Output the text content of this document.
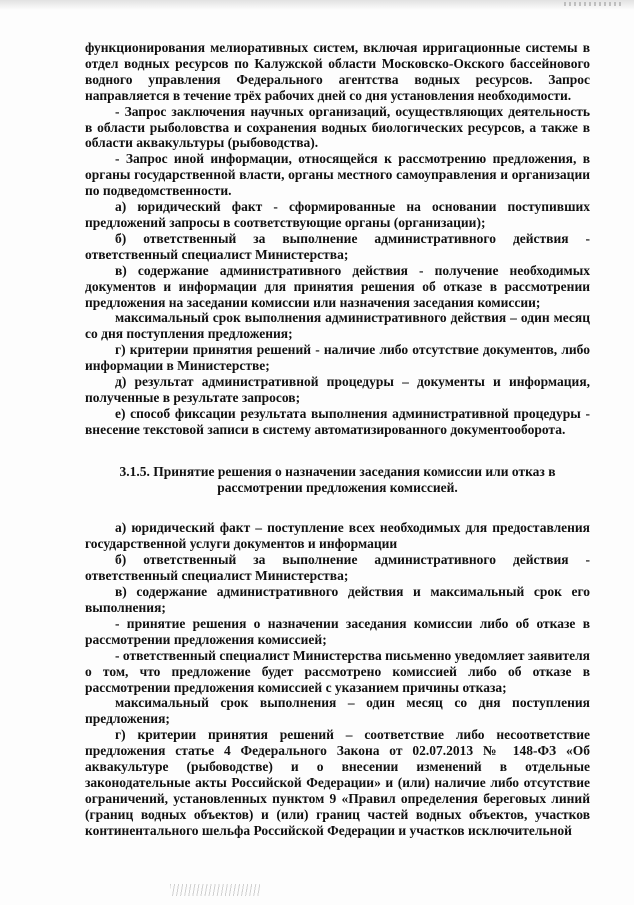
функционирования мелиоративных систем, включая ирригационные системы в отдел водных ресурсов по Калужской области Московско-Окского бассейнового водного управления Федерального агентства водных ресурсов. Запрос направляется в течение трёх рабочих дней со дня установления необходимости.

- Запрос заключения научных организаций, осуществляющих деятельность в области рыболовства и сохранения водных биологических ресурсов, а также в области аквакультуры (рыбоводства).

- Запрос иной информации, относящейся к рассмотрению предложения, в органы государственной власти, органы местного самоуправления и организации по подведомственности.

а) юридический факт - сформированные на основании поступивших предложений запросы в соответствующие органы (организации);

б) ответственный за выполнение административного действия - ответственный специалист Министерства;

в) содержание административного действия - получение необходимых документов и информации для принятия решения об отказе в рассмотрении предложения на заседании комиссии или назначения заседания комиссии;

максимальный срок выполнения административного действия – один месяц со дня поступления предложения;

г) критерии принятия решений - наличие либо отсутствие документов, либо информации в Министерстве;

д) результат административной процедуры – документы и информация, полученные в результате запросов;

е) способ фиксации результата выполнения административной процедуры - внесение текстовой записи в систему автоматизированного документооборота.

3.1.5. Принятие решения о назначении заседания комиссии или отказ в рассмотрении предложения комиссией.

а) юридический факт – поступление всех необходимых для предоставления государственной услуги документов и информации

б) ответственный за выполнение административного действия - ответственный специалист Министерства;

в) содержание административного действия и максимальный срок его выполнения;

- принятие решения о назначении заседания комиссии либо об отказе в рассмотрении предложения комиссией;

- ответственный специалист Министерства письменно уведомляет заявителя о том, что предложение будет рассмотрено комиссией либо об отказе в рассмотрении предложения комиссией с указанием причины отказа;

максимальный срок выполнения – один месяц со дня поступления предложения;

г) критерии принятия решений – соответствие либо несоответствие предложения статье 4 Федерального Закона от 02.07.2013 № 148-ФЗ «Об аквакультуре (рыбоводстве) и о внесении изменений в отдельные законодательные акты Российской Федерации» и (или) наличие либо отсутствие ограничений, установленных пунктом 9 «Правил определения береговых линий (границ водных объектов) и (или) границ частей водных объектов, участков континентального шельфа Российской Федерации и участков исключительной
